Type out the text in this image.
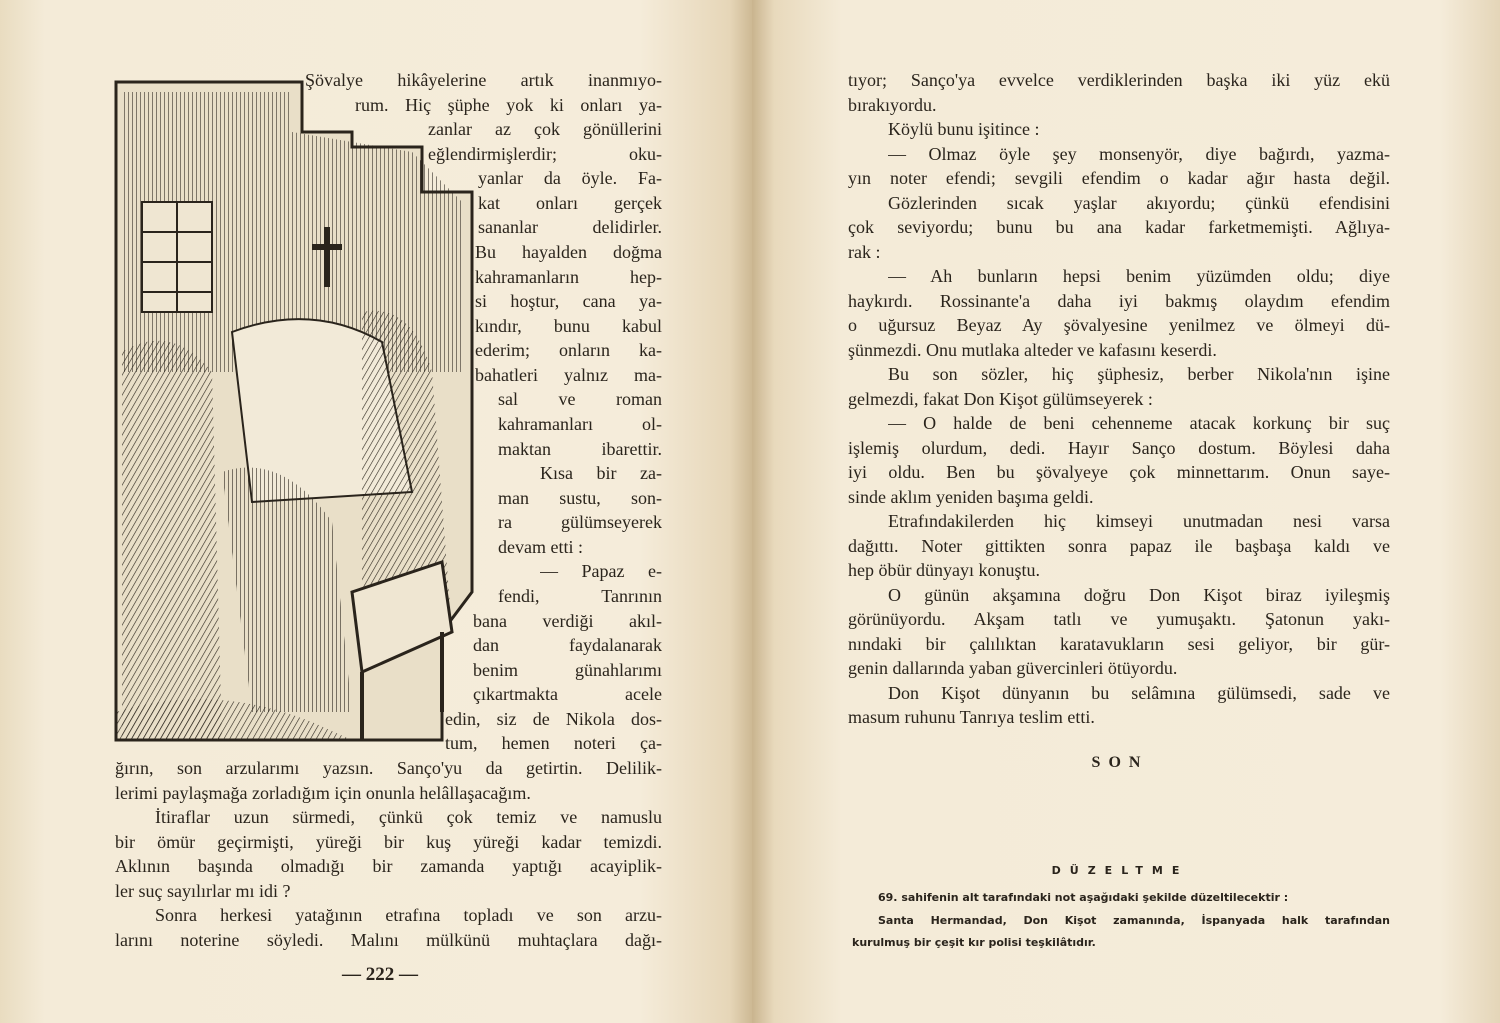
Şövalye hikâyelerine artık inanmıyo-
rum. Hiç şüphe yok ki onları ya-
zanlar az çok gönüllerini
eğlendirmişlerdir; oku-
yanlar da öyle. Fa-
kat onları gerçek
sananlar delidirler.
Bu hayalden doğma
kahramanların hep-
si hoştur, cana ya-
kındır, bunu kabul
ederim; onların ka-
bahatleri yalnız ma-
sal ve roman
kahramanları ol-
maktan ibarettir.
Kısa bir za-
man sustu, son-
ra gülümseyerek
devam etti :
— Papaz e-
fendi, Tanrının
bana verdiği akıl-
dan faydalanarak
benim günahlarımı
çıkartmakta acele
edin, siz de Nikola dos-
tum, hemen noteri ça-
ğırın, son arzularımı yazsın. Sanço'yu da getirtin. Delilik-
lerimi paylaşmağa zorladığım için onunla helâllaşacağım.
İtiraflar uzun sürmedi, çünkü çok temiz ve namuslu
bir ömür geçirmişti, yüreği bir kuş yüreği kadar temizdi.
Aklının başında olmadığı bir zamanda yaptığı acayiplik-
ler suç sayılırlar mı idi ?
Sonra herkesi yatağının etrafına topladı ve son arzu-
larını noterine söyledi. Malını mülkünü muhtaçlara dağı-
— 222 —
tıyor; Sanço'ya evvelce verdiklerinden başka iki yüz ekü
bırakıyordu.
Köylü bunu işitince :
— Olmaz öyle şey monsenyör, diye bağırdı, yazma-
yın noter efendi; sevgili efendim o kadar ağır hasta değil.
Gözlerinden sıcak yaşlar akıyordu; çünkü efendisini
çok seviyordu; bunu bu ana kadar farketmemişti. Ağlıya-
rak :
— Ah bunların hepsi benim yüzümden oldu; diye
haykırdı. Rossinante'a daha iyi bakmış olaydım efendim
o uğursuz Beyaz Ay şövalyesine yenilmez ve ölmeyi dü-
şünmezdi. Onu mutlaka alteder ve kafasını keserdi.
Bu son sözler, hiç şüphesiz, berber Nikola'nın işine
gelmezdi, fakat Don Kişot gülümseyerek :
— O halde de beni cehenneme atacak korkunç bir suç
işlemiş olurdum, dedi. Hayır Sanço dostum. Böylesi daha
iyi oldu. Ben bu şövalyeye çok minnettarım. Onun saye-
sinde aklım yeniden başıma geldi.
Etrafındakilerden hiç kimseyi unutmadan nesi varsa
dağıttı. Noter gittikten sonra papaz ile başbaşa kaldı ve
hep öbür dünyayı konuştu.
O günün akşamına doğru Don Kişot biraz iyileşmiş
görünüyordu. Akşam tatlı ve yumuşaktı. Şatonun yakı-
nındaki bir çalılıktan karatavukların sesi geliyor, bir gür-
genin dallarında yaban güvercinleri ötüyordu.
Don Kişot dünyanın bu selâmına gülümsedi, sade ve
masum ruhunu Tanrıya teslim etti.
SON
DÜZELTME
69. sahifenin alt tarafındaki not aşağıdaki şekilde düzeltilecektir :
Santa Hermandad, Don Kişot zamanında, İspanyada halk tarafından
kurulmuş bir çeşit kır polisi teşkilâtıdır.
